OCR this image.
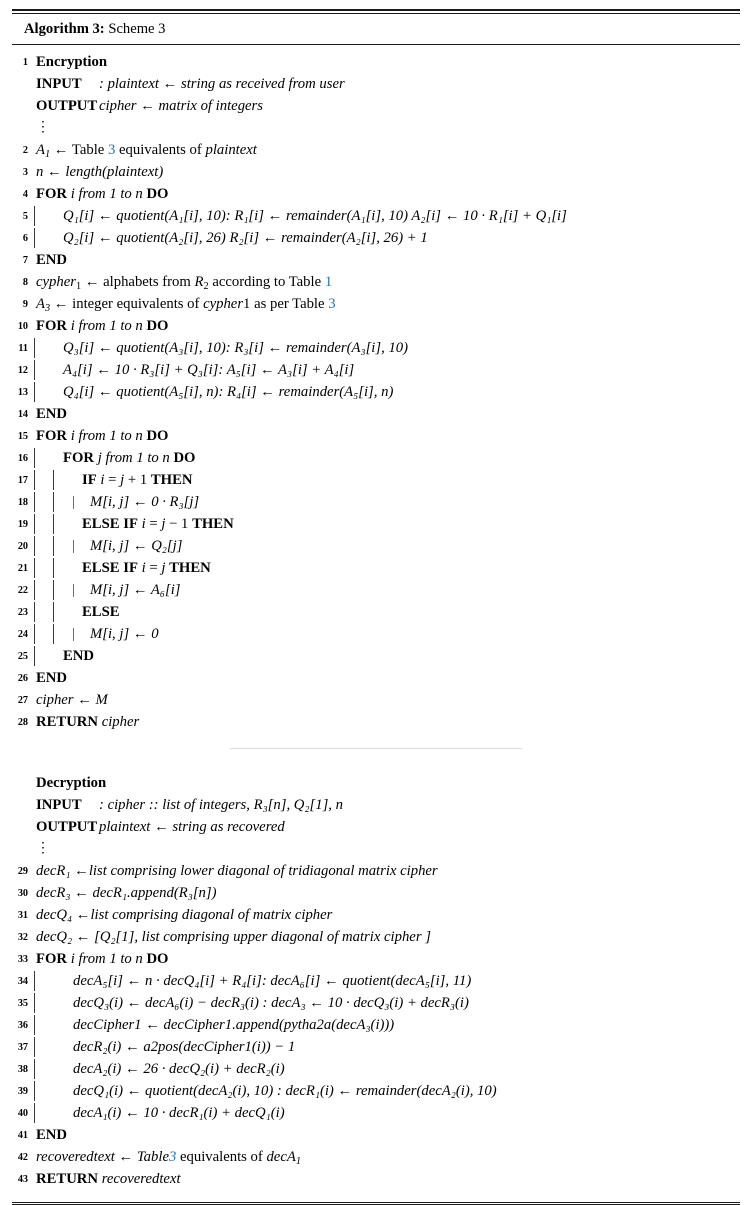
Algorithm 3: Scheme 3
1 Encryption
INPUT : plaintext ← string as received from user
OUTPUT cipher ← matrix of integers
⋮
2 $A_1$ ← Table 3 equivalents of plaintext
3 n ← length(plaintext)
4 FOR i from 1 to n DO
5	Q₁[i] ← quotient(A₁[i], 10): R₁[i] ← remainder(A₁[i], 10) A₂[i] ← 10 · R₁[i] + Q₁[i]
6	Q₂[i] ← quotient(A₂[i], 26) R₂[i] ← remainder(A₂[i], 26) + 1
7 END
8 cypher$_1$ ← alphabets from $R_2$ according to Table 1
9 $A_3$ ← integer equivalents of cypher1 as per Table 3
10 FOR i from 1 to n DO
11	Q₃[i] ← quotient(A₃[i], 10): R₃[i] ← remainder(A₃[i], 10)
12	A₄[i] ← 10 · R₃[i] + Q₃[i]: A₅[i] ← A₃[i] + A₄[i]
13	Q₄[i] ← quotient(A₅[i], n): R₄[i] ← remainder(A₅[i], n)
14 END
15 FOR i from 1 to n DO
16	FOR j from 1 to n DO
17	IF i = j + 1 THEN
18	|	M[i, j] ← 0 · R₃[j]
19	ELSE IF i = j − 1 THEN
20	|	M[i, j] ← Q₂[j]
21	ELSE IF i = j THEN
22	|	M[i, j] ← A₆[i]
23	ELSE
24	|	M[i, j] ← 0
25	END
26 END
27 cipher ← M
28 RETURN cipher
Decryption
INPUT : cipher :: list of integers, R₃[n], Q₂[1], n
OUTPUT plaintext ← string as recovered
⋮
29 decR₁ ←list comprising lower diagonal of tridiagonal matrix cipher
30 decR₃ ← decR₁.append(R₃[n])
31 decQ₄ ←list comprising diagonal of matrix cipher
32 decQ₂ ← [Q₂[1], list comprising upper diagonal of matrix cipher ]
33 FOR i from 1 to n DO
34	decA₅[i] ← n · decQ₄[i] + R₄[i]: decA₆[i] ← quotient(decA₅[i], 11)
35	decQ₃(i) ← decA₆(i) − decR₃(i) : decA₃ ← 10 · decQ₃(i) + decR₃(i)
36	decCipher1 ← decCipher1.append(pytha2a(decA₃(i)))
37	decR₂(i) ← a2pos(decCipher1(i)) − 1
38	decA₂(i) ← 26 · decQ₂(i) + decR₂(i)
39	decQ₁(i) ← quotient(decA₂(i), 10) : decR₁(i) ← remainder(decA₂(i), 10)
40	decA₁(i) ← 10 · decR₁(i) + decQ₁(i)
41 END
42 recoveredtext ← Table3 equivalents of decA$_1$
43 RETURN recoveredtext
